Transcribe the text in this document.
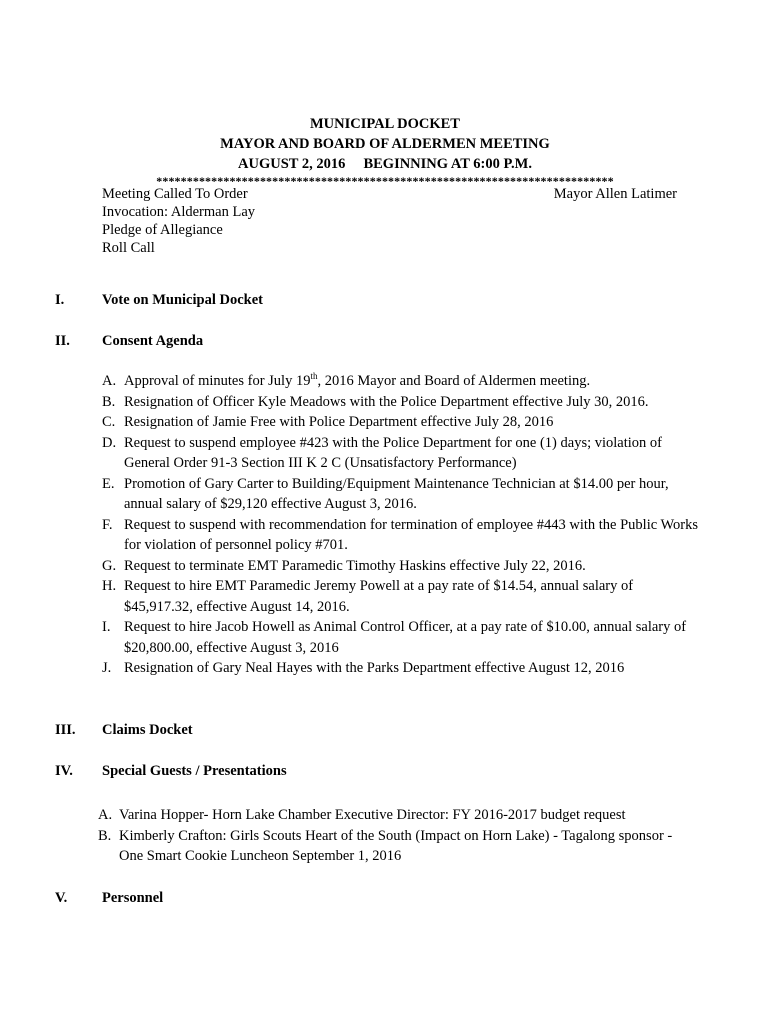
MUNICIPAL DOCKET
MAYOR AND BOARD OF ALDERMEN MEETING
AUGUST 2, 2016     BEGINNING AT 6:00 P.M.
***************************************************************************
Meeting Called To Order	Mayor Allen Latimer
Invocation: Alderman Lay
Pledge of Allegiance
Roll Call
I.	Vote on Municipal Docket
II. Consent Agenda
A. Approval of minutes for July 19th, 2016 Mayor and Board of Aldermen meeting.
B. Resignation of Officer Kyle Meadows with the Police Department effective July 30, 2016.
C. Resignation of Jamie Free with Police Department effective July 28, 2016
D. Request to suspend employee #423 with the Police Department for one (1) days; violation of General Order 91-3 Section III K 2 C (Unsatisfactory Performance)
E. Promotion of Gary Carter to Building/Equipment Maintenance Technician at $14.00 per hour, annual salary of $29,120 effective August 3, 2016.
F. Request to suspend with recommendation for termination of employee #443 with the Public Works for violation of personnel policy #701.
G. Request to terminate EMT Paramedic Timothy Haskins effective July 22, 2016.
H. Request to hire EMT Paramedic Jeremy Powell at a pay rate of $14.54, annual salary of $45,917.32, effective August 14, 2016.
I. Request to hire Jacob Howell as Animal Control Officer, at a pay rate of $10.00, annual salary of $20,800.00, effective August 3, 2016
J. Resignation of Gary Neal Hayes with the Parks Department effective August 12, 2016
III. Claims Docket
IV. Special Guests / Presentations
A. Varina Hopper- Horn Lake Chamber Executive Director: FY 2016-2017 budget request
B. Kimberly Crafton: Girls Scouts Heart of the South (Impact on Horn Lake) - Tagalong sponsor - One Smart Cookie Luncheon September 1, 2016
V. Personnel
